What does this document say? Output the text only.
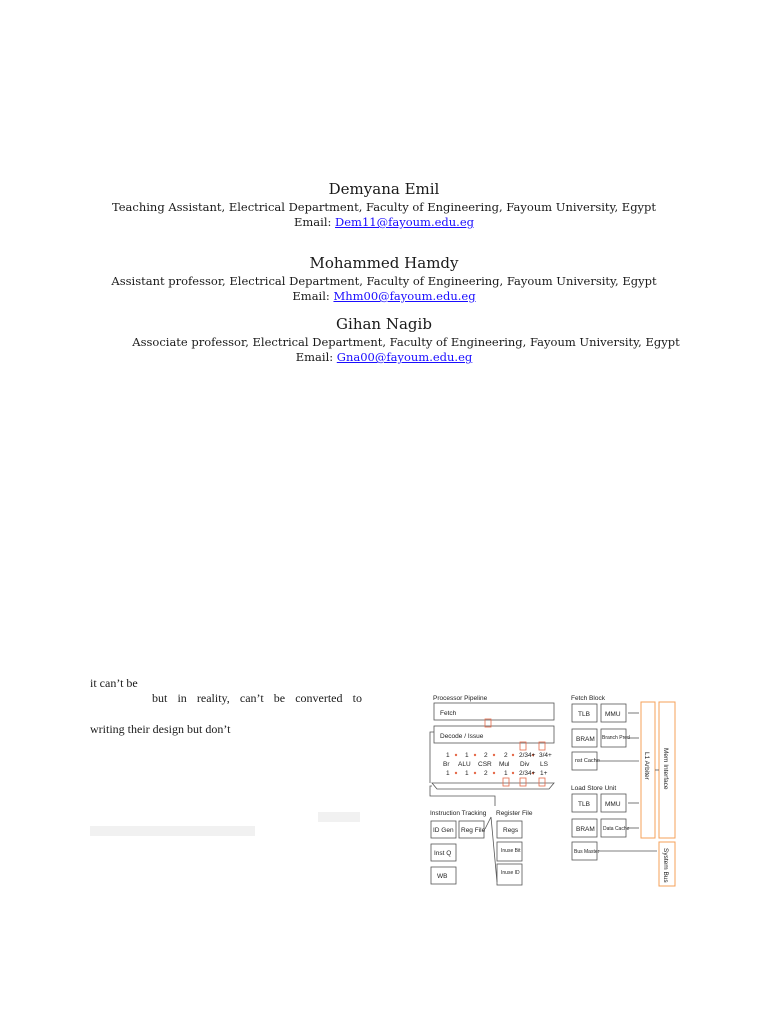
Demyana Emil
Teaching Assistant, Electrical Department, Faculty of Engineering, Fayoum University, Egypt
Email: Dem11@fayoum.edu.eg
Mohammed Hamdy
Assistant professor, Electrical Department, Faculty of Engineering, Fayoum University, Egypt
Email: Mhm00@fayoum.edu.eg
Gihan Nagib
Associate professor, Electrical Department, Faculty of Engineering, Fayoum University, Egypt
Email: Gna00@fayoum.edu.eg
it can’t be
but in reality, can’t be converted to
writing their design but don’t
Processor Pipeline
Fetch
Decode / Issue
1 1 2	2 2/34+ 3/4+
Br ALU CSR Mul Div LS
1 1 2	1 2/34+ 1+
Fetch Block
TLB MMU
BRAM
nst Cache
Branch Pred
Load Store Unit
TLB MMU
BRAM Data Cache
Bus Master
L1 Arbiter Mem Interface
System Bus
Instruction Tracking Register File
ID Gen Reg File	Regs
Inuse Bit
Inst Q
Inuse ID
WB
